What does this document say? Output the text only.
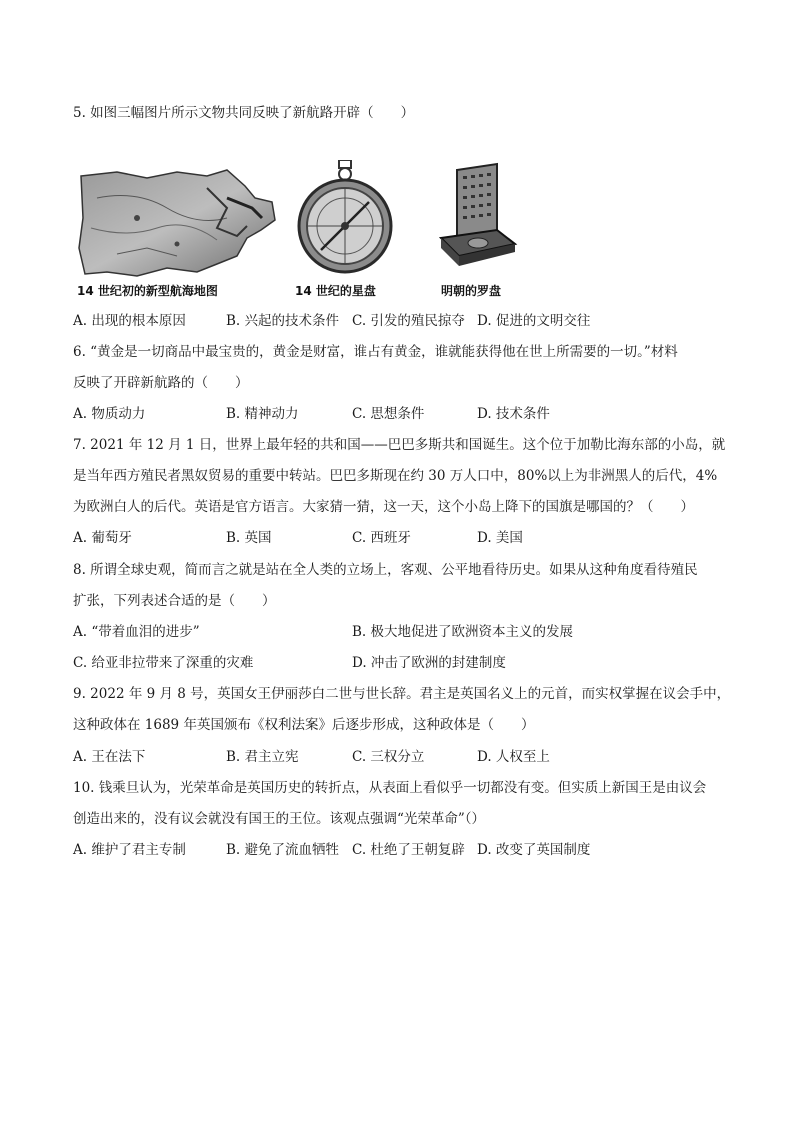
5. 如图三幅图片所示文物共同反映了新航路开辟（　　）
14 世纪初的新型航海地图	14 世纪的星盘	明朝的罗盘
A. 出现的根本原因	B. 兴起的技术条件 C. 引发的殖民掠夺 D. 促进的文明交往
6. “黄金是一切商品中最宝贵的，黄金是财富，谁占有黄金，谁就能获得他在世上所需要的一切。”材料
反映了开辟新航路的（　　）
A. 物质动力	B. 精神动力	C. 思想条件	D. 技术条件
7. 2021 年 12 月 1 日，世界上最年轻的共和国——巴巴多斯共和国诞生。这个位于加勒比海东部的小岛，就
是当年西方殖民者黑奴贸易的重要中转站。巴巴多斯现在约 30 万人口中，80%以上为非洲黑人的后代，4%
为欧洲白人的后代。英语是官方语言。大家猜一猜，这一天，这个小岛上降下的国旗是哪国的？（　　）
A. 葡萄牙	B. 英国	C. 西班牙	D. 美国
8. 所谓全球史观，简而言之就是站在全人类的立场上，客观、公平地看待历史。如果从这种角度看待殖民
扩张，下列表述合适的是（　　）
A. “带着血泪的进步”	B. 极大地促进了欧洲资本主义的发展
C. 给亚非拉带来了深重的灾难	D. 冲击了欧洲的封建制度
9. 2022 年 9 月 8 号，英国女王伊丽莎白二世与世长辞。君主是英国名义上的元首，而实权掌握在议会手中，
这种政体在 1689 年英国颁布《权利法案》后逐步形成，这种政体是（　　）
A. 王在法下	B. 君主立宪	C. 三权分立	D. 人权至上
10. 钱乘旦认为，光荣革命是英国历史的转折点，从表面上看似乎一切都没有变。但实质上新国王是由议会
创造出来的，没有议会就没有国王的王位。该观点强调“光荣革命”（）
A. 维护了君主专制	B. 避免了流血牺牲 C. 杜绝了王朝复辟 D. 改变了英国制度
